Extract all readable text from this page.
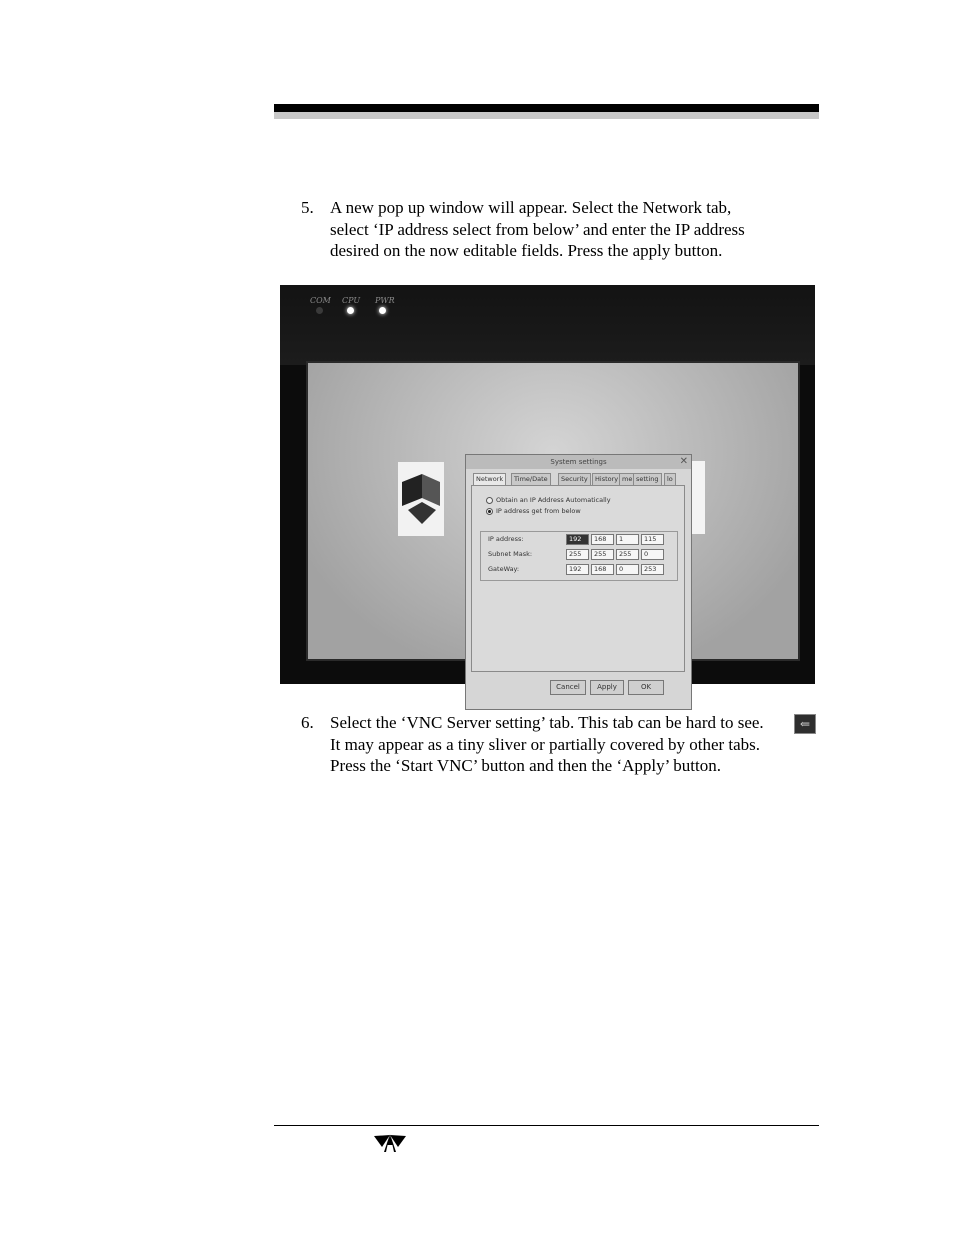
5. A new pop up window will appear. Select the Network tab,
select ‘IP address select from below’ and enter the IP address
desired on the now editable fields. Press the apply button.
COM CPU PWR
⇐
System settings	✕
Network	Time/Date	Security	History me setting	lo
Obtain an IP Address Automatically
IP address get from below
IP address:	192	168	1	115
Subnet Mask:	255	255	255	0
GateWay:	192	168	0	253
Cancel	Apply	OK
6. Select the ‘VNC Server setting’ tab. This tab can be hard to see.
It may appear as a tiny sliver or partially covered by other tabs.
Press the ‘Start VNC’ button and then the ‘Apply’ button.
